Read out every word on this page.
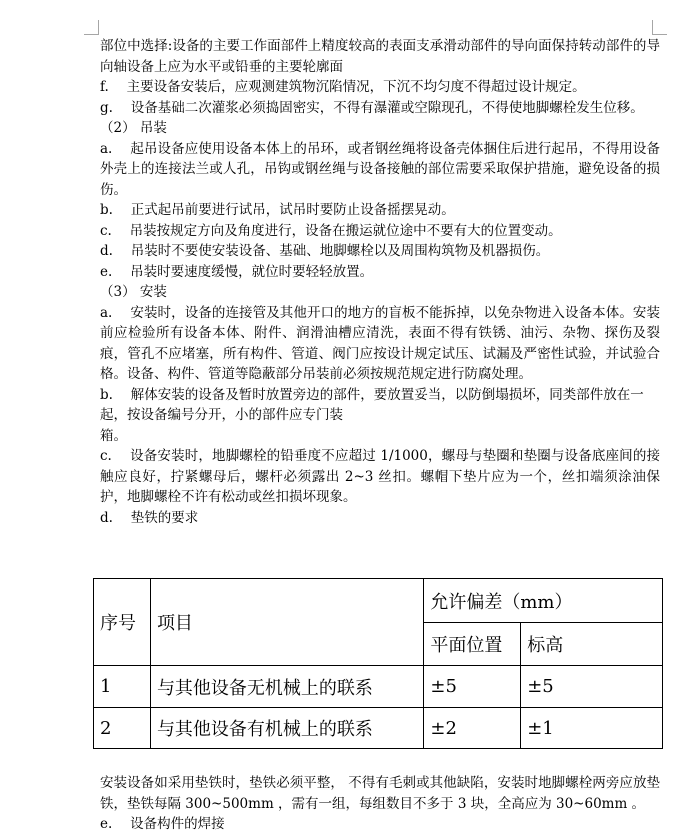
部位中选择:设备的主要工作面部件上精度较高的表面支承滑动部件的导向面保持转动部件的导向轴设备上应为水平或铅垂的主要轮廓面

f.　 主要设备安装后，应观测建筑物沉陷情况，下沉不均匀度不得超过设计规定。

g.　 设备基础二次灌浆必须捣固密实，不得有瀑灌或空隙现孔，不得使地脚螺栓发生位移。

（2） 吊装

a.　 起吊设备应使用设备本体上的吊环，或者钢丝绳将设备壳体捆住后进行起吊，不得用设备外壳上的连接法兰或人孔，吊钩或钢丝绳与设备接触的部位需要采取保护措施，避免设备的损伤。

b.　 正式起吊前要进行试吊，试吊时要防止设备摇摆晃动。

c.　 吊装按规定方向及角度进行，设备在搬运就位途中不要有大的位置变动。

d.　 吊装时不要使安装设备、基础、地脚螺栓以及周围构筑物及机器损伤。

e.　 吊装时要速度缓慢，就位时要轻轻放置。

（3） 安装

a.　 安装时，设备的连接管及其他开口的地方的盲板不能拆掉，以免杂物进入设备本体。安装前应检验所有设备本体、附件、润滑油槽应清洗，表面不得有铁锈、油污、杂物、探伤及裂痕，管孔不应堵塞，所有构件、管道、阀门应按设计规定试压、试漏及严密性试验，并试验合格。设备、构件、管道等隐蔽部分吊装前必须按规范规定进行防腐处理。

b.　 解体安装的设备及暂时放置旁边的部件，要放置妥当，以防倒塌损坏，同类部件放在一起，按设备编号分开，小的部件应专门装

箱。

c.　 设备安装时，地脚螺栓的铅垂度不应超过 1/1000，螺母与垫圈和垫圈与设备底座间的接触应良好，拧紧螺母后，螺杆必须露出 2~3 丝扣。螺帽下垫片应为一个，丝扣端须涂油保护，地脚螺栓不许有松动或丝扣损坏现象。

d.　 垫铁的要求

序号	项目	允许偏差（mm）	
		平面位置	标高
1	与其他设备无机械上的联系	±5	±5
2	与其他设备有机械上的联系	±2	±1

安装设备如采用垫铁时，垫铁必须平整， 不得有毛刺或其他缺陷，安装时地脚螺栓两旁应放垫铁，垫铁每隔 300~500mm ，需有一组，每组数目不多于 3 块，全高应为 30~60mm 。

e.　 设备构件的焊接
